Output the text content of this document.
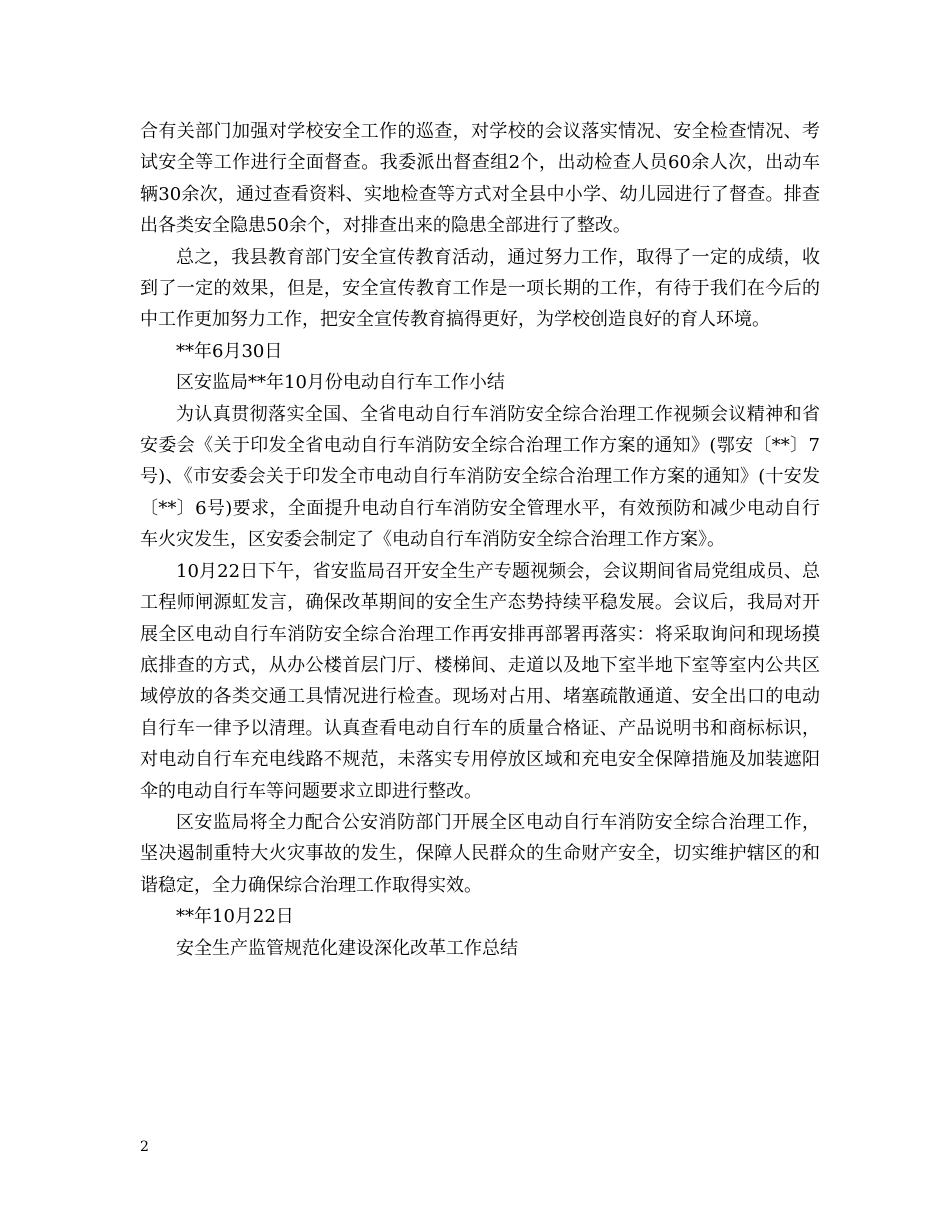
合有关部门加强对学校安全工作的巡查，对学校的会议落实情况、安全检查情况、考试安全等工作进行全面督查。我委派出督查组2个，出动检查人员60余人次，出动车辆30余次，通过查看资料、实地检查等方式对全县中小学、幼儿园进行了督查。排查出各类安全隐患50余个，对排查出来的隐患全部进行了整改。

总之，我县教育部门安全宣传教育活动，通过努力工作，取得了一定的成绩，收到了一定的效果，但是，安全宣传教育工作是一项长期的工作，有待于我们在今后的中工作更加努力工作，把安全宣传教育搞得更好，为学校创造良好的育人环境。

**年6月30日

区安监局**年10月份电动自行车工作小结

为认真贯彻落实全国、全省电动自行车消防安全综合治理工作视频会议精神和省安委会《关于印发全省电动自行车消防安全综合治理工作方案的通知》(鄂安〔**〕7号)、《市安委会关于印发全市电动自行车消防安全综合治理工作方案的通知》(十安发〔**〕6号)要求，全面提升电动自行车消防安全管理水平，有效预防和减少电动自行车火灾发生，区安委会制定了《电动自行车消防安全综合治理工作方案》。

10月22日下午，省安监局召开安全生产专题视频会，会议期间省局党组成员、总工程师闸源虹发言，确保改革期间的安全生产态势持续平稳发展。会议后，我局对开展全区电动自行车消防安全综合治理工作再安排再部署再落实：将采取询问和现场摸底排查的方式，从办公楼首层门厅、楼梯间、走道以及地下室半地下室等室内公共区域停放的各类交通工具情况进行检查。现场对占用、堵塞疏散通道、安全出口的电动自行车一律予以清理。认真查看电动自行车的质量合格证、产品说明书和商标标识，对电动自行车充电线路不规范，未落实专用停放区域和充电安全保障措施及加装遮阳伞的电动自行车等问题要求立即进行整改。

区安监局将全力配合公安消防部门开展全区电动自行车消防安全综合治理工作，坚决遏制重特大火灾事故的发生，保障人民群众的生命财产安全，切实维护辖区的和谐稳定，全力确保综合治理工作取得实效。

**年10月22日

安全生产监管规范化建设深化改革工作总结

2
